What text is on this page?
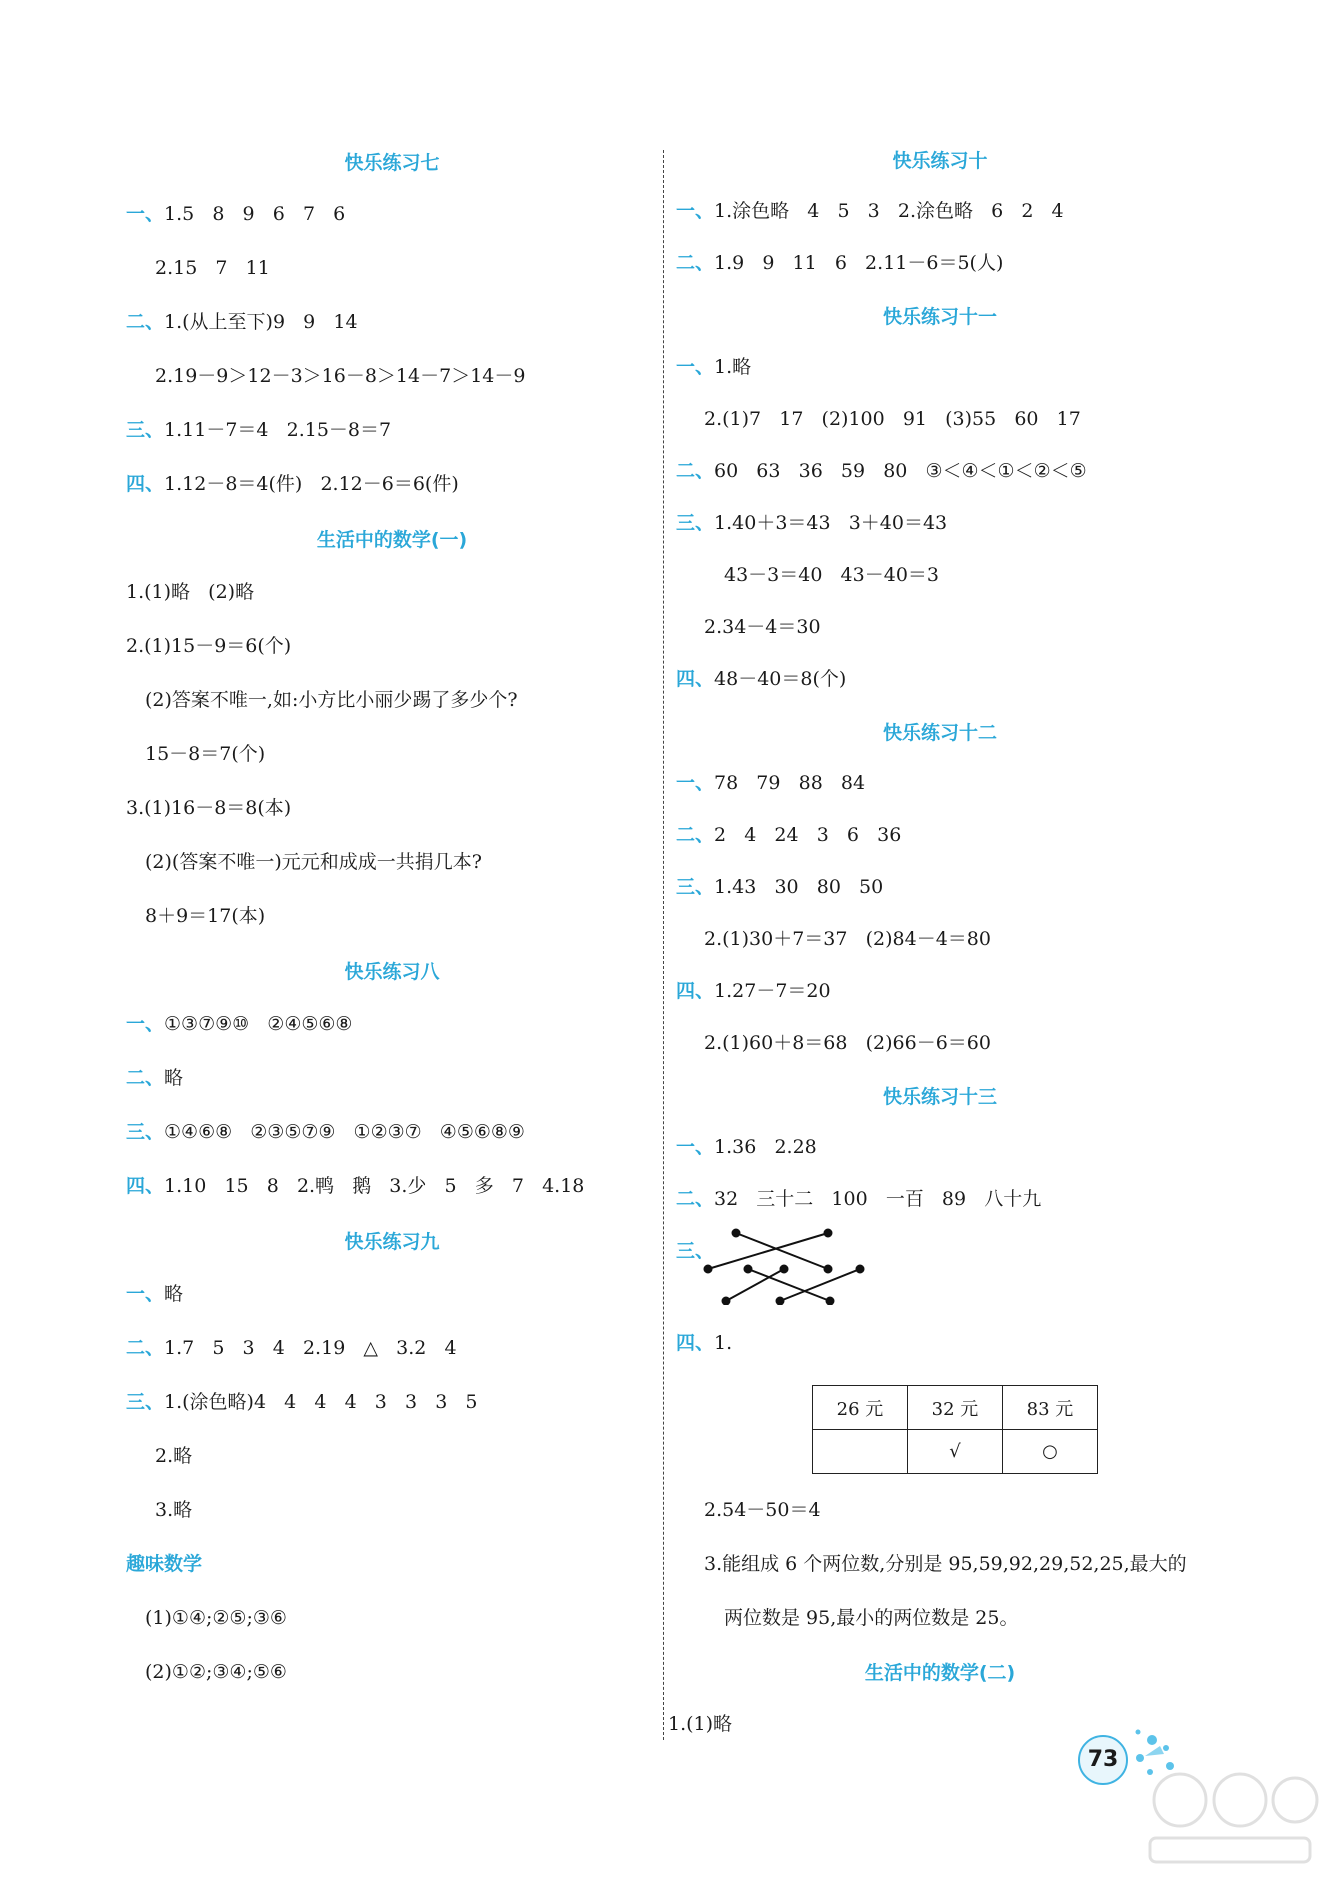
快乐练习七
一、1.5   8   9   6   7   6
2.15   7   11
二、1.(从上至下)9   9   14
2.19－9＞12－3＞16－8＞14－7＞14－9
三、1.11－7＝4   2.15－8＝7
四、1.12－8＝4(件)   2.12－6＝6(件)
生活中的数学(一)
1.(1)略   (2)略
2.(1)15－9＝6(个)
(2)答案不唯一,如:小方比小丽少踢了多少个?
15－8＝7(个)
3.(1)16－8＝8(本)
(2)(答案不唯一)元元和成成一共捐几本?
8＋9＝17(本)
快乐练习八
一、①③⑦⑨⑩   ②④⑤⑥⑧
二、略
三、①④⑥⑧   ②③⑤⑦⑨   ①②③⑦   ④⑤⑥⑧⑨
四、1.10   15   8   2.鸭   鹅   3.少   5   多   7   4.18
快乐练习九
一、略
二、1.7   5   3   4   2.19   △   3.2   4
三、1.(涂色略)4   4   4   4   3   3   3   5
2.略
3.略
趣味数学
(1)①④;②⑤;③⑥
(2)①②;③④;⑤⑥
快乐练习十
一、1.涂色略   4   5   3   2.涂色略   6   2   4
二、1.9   9   11   6   2.11－6＝5(人)
快乐练习十一
一、1.略
2.(1)7   17   (2)100   91   (3)55   60   17
二、60   63   36   59   80   ③＜④＜①＜②＜⑤
三、1.40＋3＝43   3＋40＝43
43－3＝40   43－40＝3
2.34－4＝30
四、48－40＝8(个)
快乐练习十二
一、78   79   88   84
二、2   4   24   3   6   36
三、1.43   30   80   50
2.(1)30＋7＝37   (2)84－4＝80
四、1.27－7＝20
2.(1)60＋8＝68   (2)66－6＝60
快乐练习十三
一、1.36   2.28
二、32   三十二   100   一百   89   八十九
三、
四、1.
26 元	32 元	83 元
	√	○
2.54－50＝4
3.能组成 6 个两位数,分别是 95,59,92,29,52,25,最大的
两位数是 95,最小的两位数是 25。
生活中的数学(二)
1.(1)略
73
